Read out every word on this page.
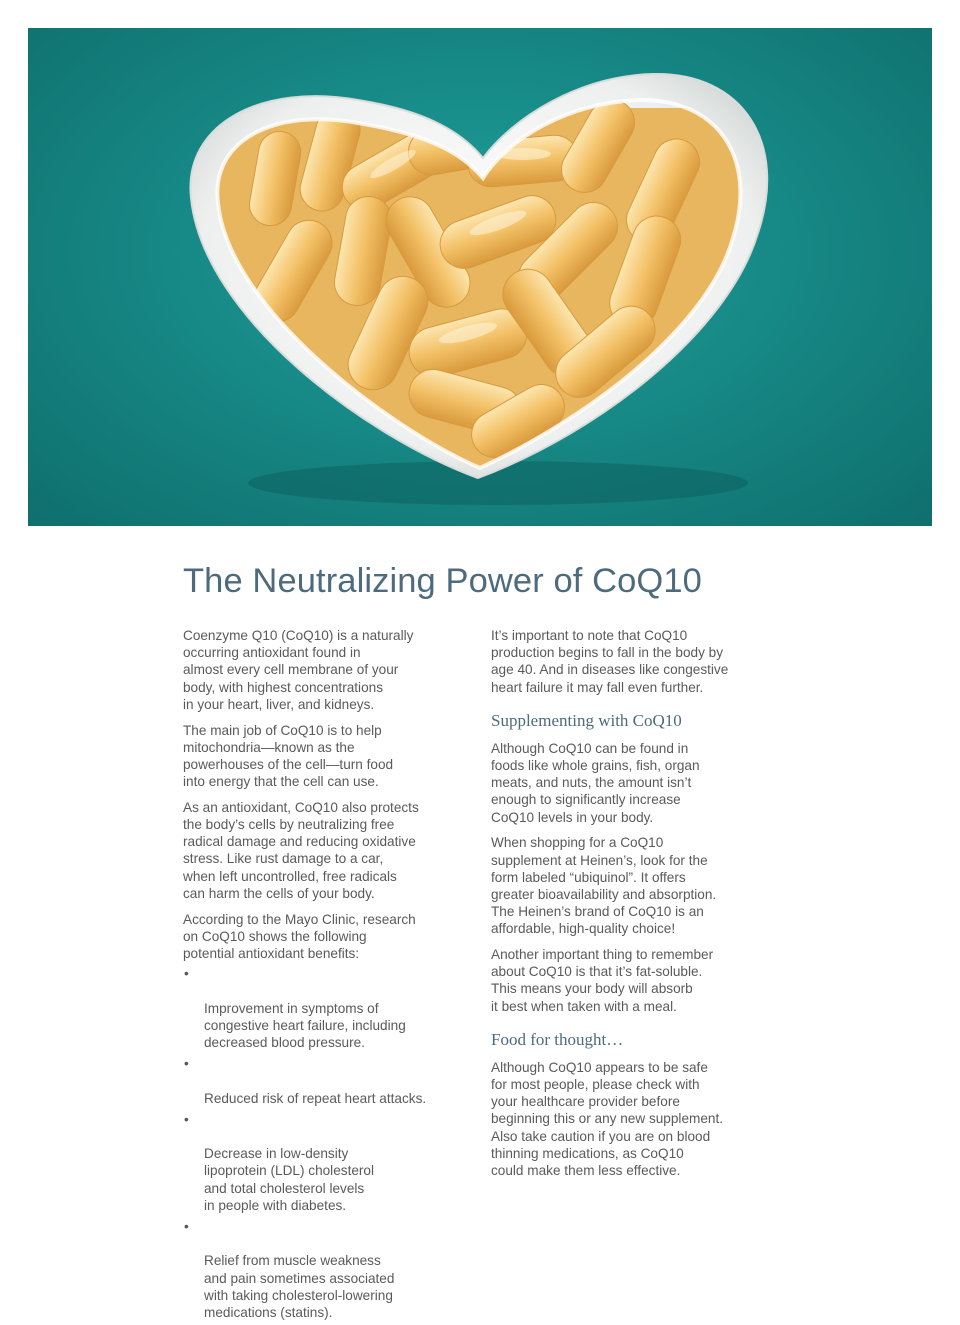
The Neutralizing Power of CoQ10

Coenzyme Q10 (CoQ10) is a naturally
occurring antioxidant found in
almost every cell membrane of your
body, with highest concentrations
in your heart, liver, and kidneys.

The main job of CoQ10 is to help
mitochondria—known as the
powerhouses of the cell—turn food
into energy that the cell can use.

As an antioxidant, CoQ10 also protects
the body’s cells by neutralizing free
radical damage and reducing oxidative
stress. Like rust damage to a car,
when left uncontrolled, free radicals
can harm the cells of your body.

According to the Mayo Clinic, research
on CoQ10 shows the following
potential antioxidant benefits:

•

Improvement in symptoms of
congestive heart failure, including
decreased blood pressure.

•

Reduced risk of repeat heart attacks.

•

Decrease in low-density
lipoprotein (LDL) cholesterol
and total cholesterol levels
in people with diabetes.

•

Relief from muscle weakness
and pain sometimes associated
with taking cholesterol-lowering
medications (statins).

It’s important to note that CoQ10
production begins to fall in the body by
age 40. And in diseases like congestive
heart failure it may fall even further.

Supplementing with CoQ10

Although CoQ10 can be found in
foods like whole grains, fish, organ
meats, and nuts, the amount isn’t
enough to significantly increase
CoQ10 levels in your body.

When shopping for a CoQ10
supplement at Heinen’s, look for the
form labeled “ubiquinol”. It offers
greater bioavailability and absorption.
The Heinen’s brand of CoQ10 is an
affordable, high-quality choice!

Another important thing to remember
about CoQ10 is that it’s fat-soluble.
This means your body will absorb
it best when taken with a meal.

Food for thought…

Although CoQ10 appears to be safe
for most people, please check with
your healthcare provider before
beginning this or any new supplement.
Also take caution if you are on blood
thinning medications, as CoQ10
could make them less effective.
